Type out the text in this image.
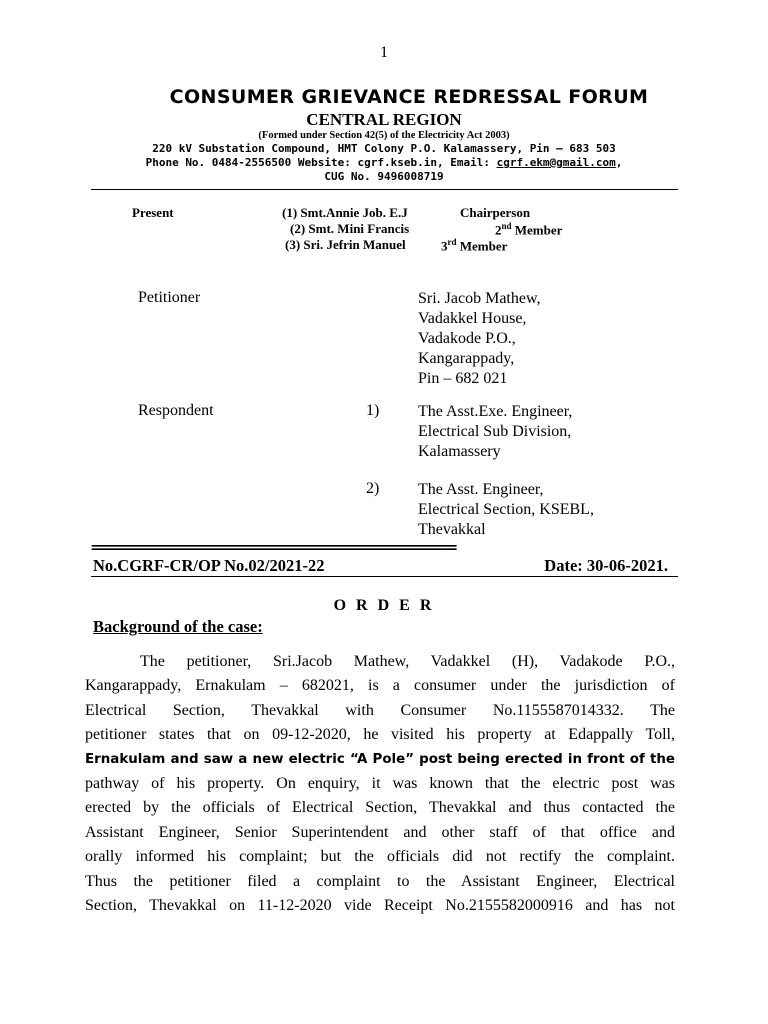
1
CONSUMER GRIEVANCE REDRESSAL FORUM
CENTRAL REGION
(Formed under Section 42(5) of the Electricity Act 2003)
220 kV Substation Compound, HMT Colony P.O. Kalamassery, Pin – 683 503
Phone No. 0484-2556500 Website: cgrf.kseb.in, Email: cgrf.ekm@gmail.com,
CUG No. 9496008719
Present	(1) Smt.Annie Job. E.J	Chairperson
(2) Smt. Mini Francis	2nd Member
(3) Sri. Jefrin Manuel	3rd Member
Petitioner	Sri. Jacob Mathew,
Vadakkel House,
Vadakode P.O.,
Kangarappady,
Pin – 682 021
Respondent	1) The Asst.Exe. Engineer,
Electrical Sub Division,
Kalamassery
2) The Asst. Engineer,
Electrical Section, KSEBL,
Thevakkal
=====================================================
No.CGRF-CR/OP No.02/2021-22	Date: 30-06-2021.
O R D E R
Background of the case:
The petitioner, Sri.Jacob Mathew, Vadakkel (H), Vadakode P.O.,
Kangarappady, Ernakulam – 682021, is a consumer under the jurisdiction of
Electrical Section, Thevakkal with Consumer No.1155587014332. The
petitioner states that on 09-12-2020, he visited his property at Edappally Toll,
Ernakulam and saw a new electric “A Pole” post being erected in front of the
pathway of his property. On enquiry, it was known that the electric post was
erected by the officials of Electrical Section, Thevakkal and thus contacted the
Assistant Engineer, Senior Superintendent and other staff of that office and
orally informed his complaint; but the officials did not rectify the complaint.
Thus the petitioner filed a complaint to the Assistant Engineer, Electrical
Section, Thevakkal on 11-12-2020 vide Receipt No.2155582000916 and has not
